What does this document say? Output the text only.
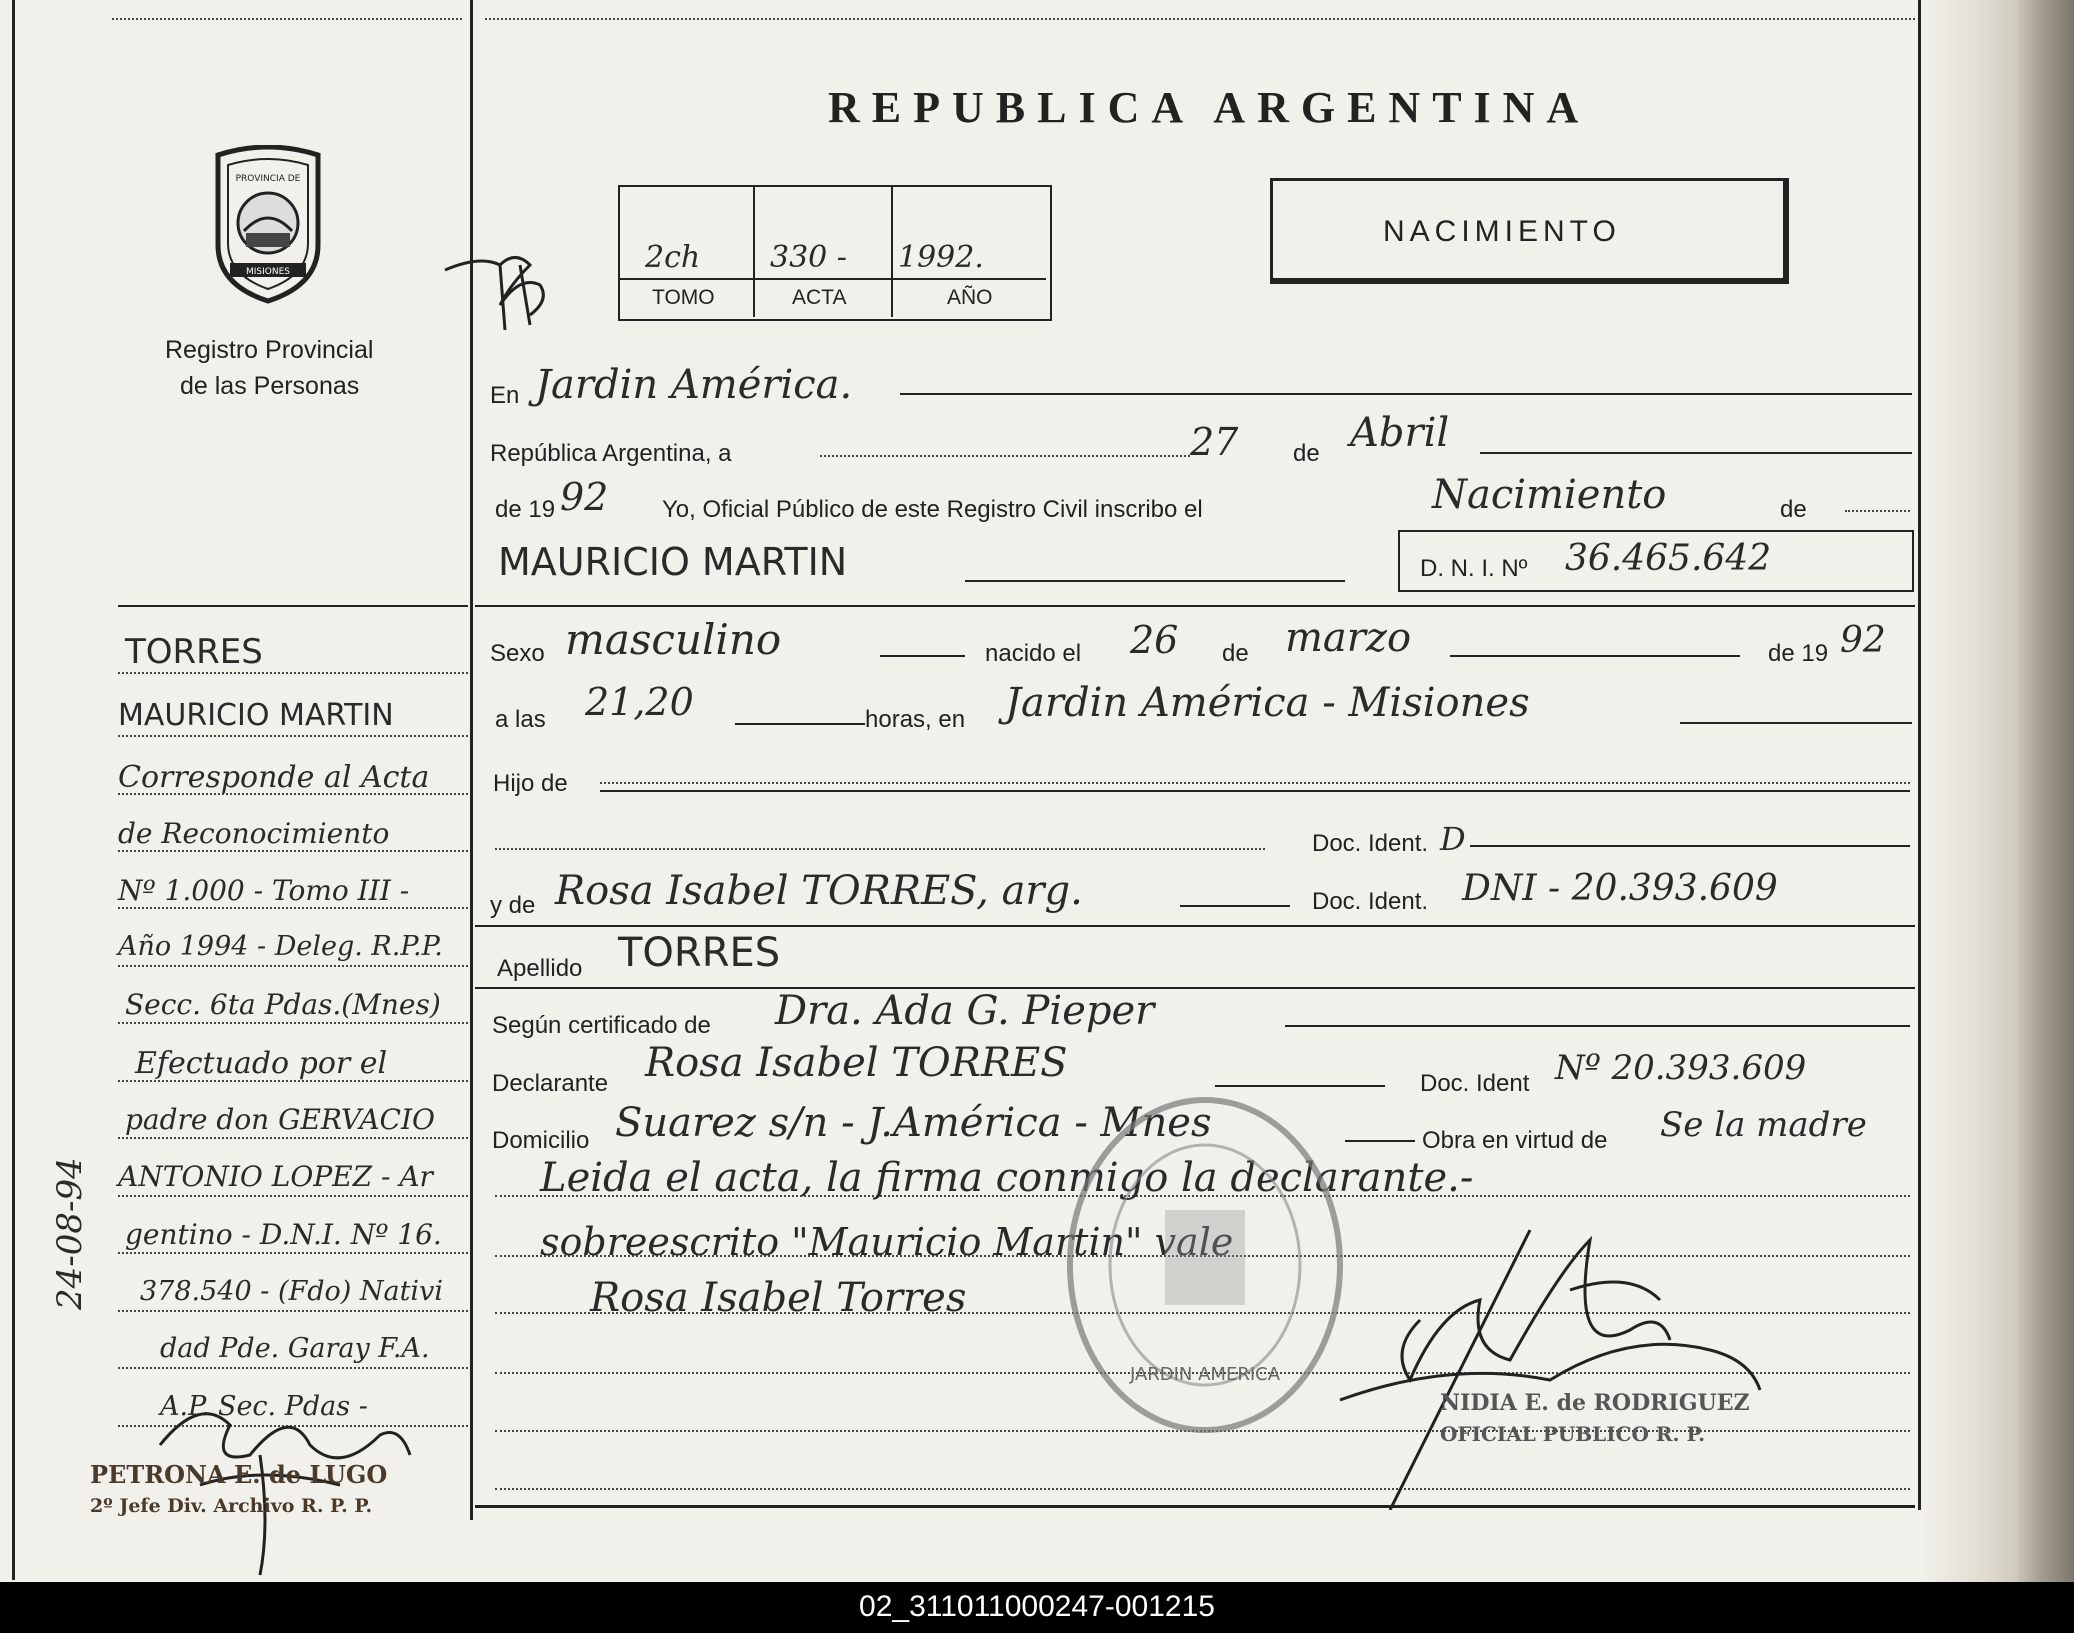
REPUBLICA ARGENTINA
PROVINCIA DE
MISIONES
Registro Provincial
de las Personas
2ch 330 - 1992.
TOMO	ACTA	AÑO
NACIMIENTO
En Jardin América.
República Argentina, a	27 de Abril
de 19 92 Yo, Oficial Público de este Registro Civil inscribo el	Nacimiento	de
MAURICIO MARTIN	D. N. I. Nº 36.465.642
Sexo masculino	nacido el 26 de marzo	de 19 92
a las 21,20	horas, en Jardin América - Misiones
Hijo de
Doc. Ident. D
y de Rosa Isabel TORRES, arg.	Doc. Ident. DNI - 20.393.609
Apellido TORRES
Según certificado de Dra. Ada G. Pieper
Declarante Rosa Isabel TORRES	Doc. Ident Nº 20.393.609
Domicilio Suarez s/n - J.América - Mnes	Obra en virtud de Se la madre
Leida el acta, la firma conmigo la declarante.-
sobreescrito "Mauricio Martin" vale
Rosa Isabel Torres
JARDIN AMERICA
NIDIA E. de RODRIGUEZ
OFICIAL PUBLICO R. P.
TORRES
MAURICIO MARTIN
Corresponde al Acta
de Reconocimiento
Nº 1.000 - Tomo III -
Año 1994 - Deleg. R.P.P.
Secc. 6ta Pdas.(Mnes)
Efectuado por el
padre don GERVACIO
ANTONIO LOPEZ - Ar
gentino - D.N.I. Nº 16.
378.540 - (Fdo) Nativi
dad Pde. Garay F.A.
A.P. Sec. Pdas -
24-08-94
PETRONA E. de LUGO
2º Jefe Div. Archivo R. P. P.
02_311011000247-001215
